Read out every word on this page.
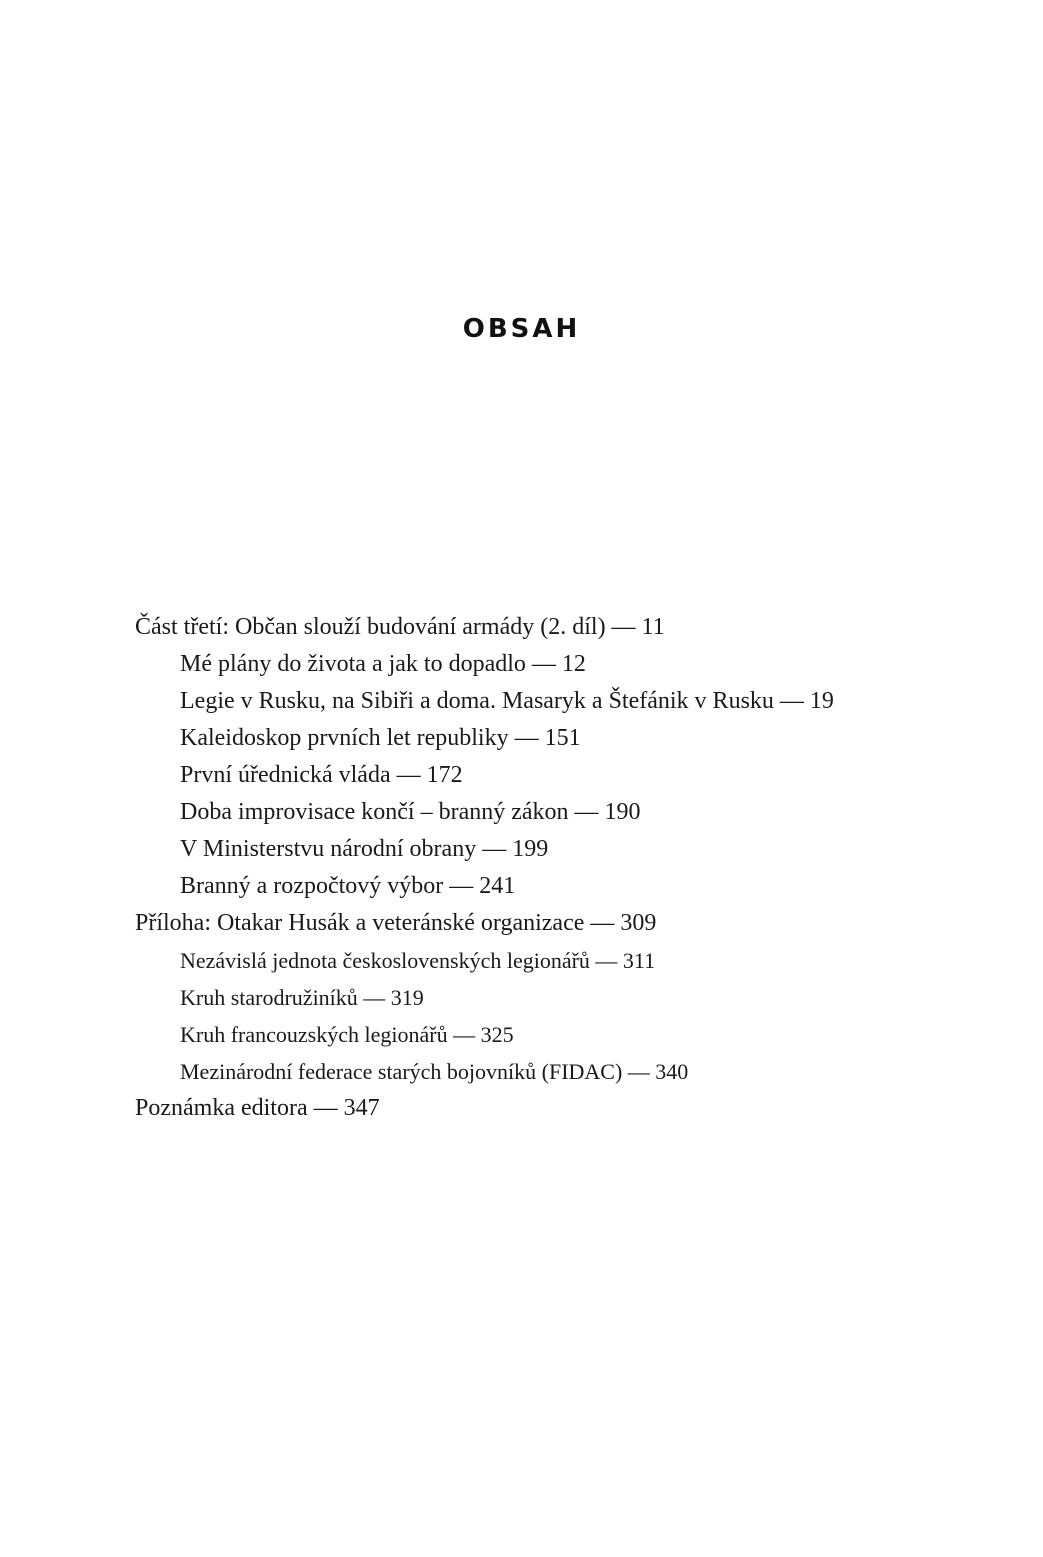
OBSAH
Část třetí: Občan slouží budování armády (2. díl) — 11
Mé plány do života a jak to dopadlo — 12
Legie v Rusku, na Sibiři a doma. Masaryk a Štefánik v Rusku — 19
Kaleidoskop prvních let republiky — 151
První úřednická vláda — 172
Doba improvisace končí – branný zákon — 190
V Ministerstvu národní obrany — 199
Branný a rozpočtový výbor — 241
Příloha: Otakar Husák a veteránské organizace — 309
Nezávislá jednota československých legionářů — 311
Kruh starodružiníků — 319
Kruh francouzských legionářů — 325
Mezinárodní federace starých bojovníků (FIDAC) — 340
Poznámka editora — 347
